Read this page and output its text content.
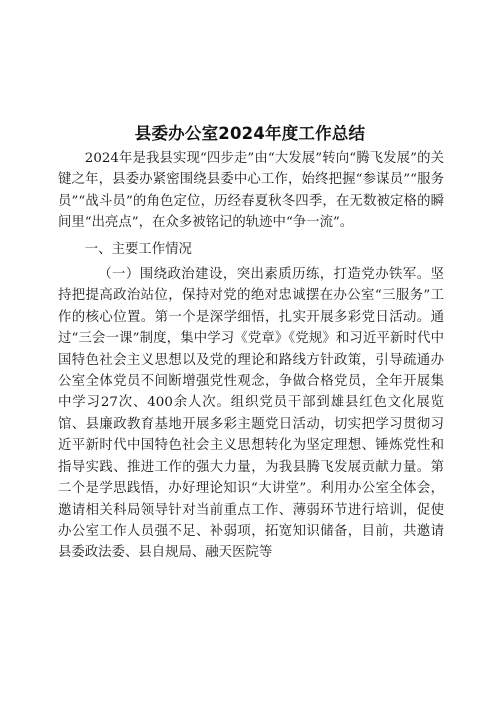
县委办公室2024年度工作总结

2024年是我县实现“四步走”由“大发展”转向“腾飞发展”的关键之年，县委办紧密围绕县委中心工作，始终把握“参谋员”“服务员”“战斗员”的角色定位，历经春夏秋冬四季，在无数被定格的瞬间里“出亮点”，在众多被铭记的轨迹中“争一流”。

一、主要工作情况

（一）围绕政治建设，突出素质历练，打造党办铁军。坚持把提高政治站位，保持对党的绝对忠诚摆在办公室“三服务”工作的核心位置。第一个是深学细悟，扎实开展多彩党日活动。通过“三会一课”制度，集中学习《党章》《党规》和习近平新时代中国特色社会主义思想以及党的理论和路线方针政策，引导疏通办公室全体党员不间断增强党性观念，争做合格党员，全年开展集中学习27次、400余人次。组织党员干部到雄县红色文化展览馆、县廉政教育基地开展多彩主题党日活动，切实把学习贯彻习近平新时代中国特色社会主义思想转化为坚定理想、锤炼党性和指导实践、推进工作的强大力量，为我县腾飞发展贡献力量。第二个是学思践悟，办好理论知识“大讲堂”。利用办公室全体会，邀请相关科局领导针对当前重点工作、薄弱环节进行培训，促使办公室工作人员强不足、补弱项，拓宽知识储备，目前，共邀请县委政法委、县自规局、融天医院等
